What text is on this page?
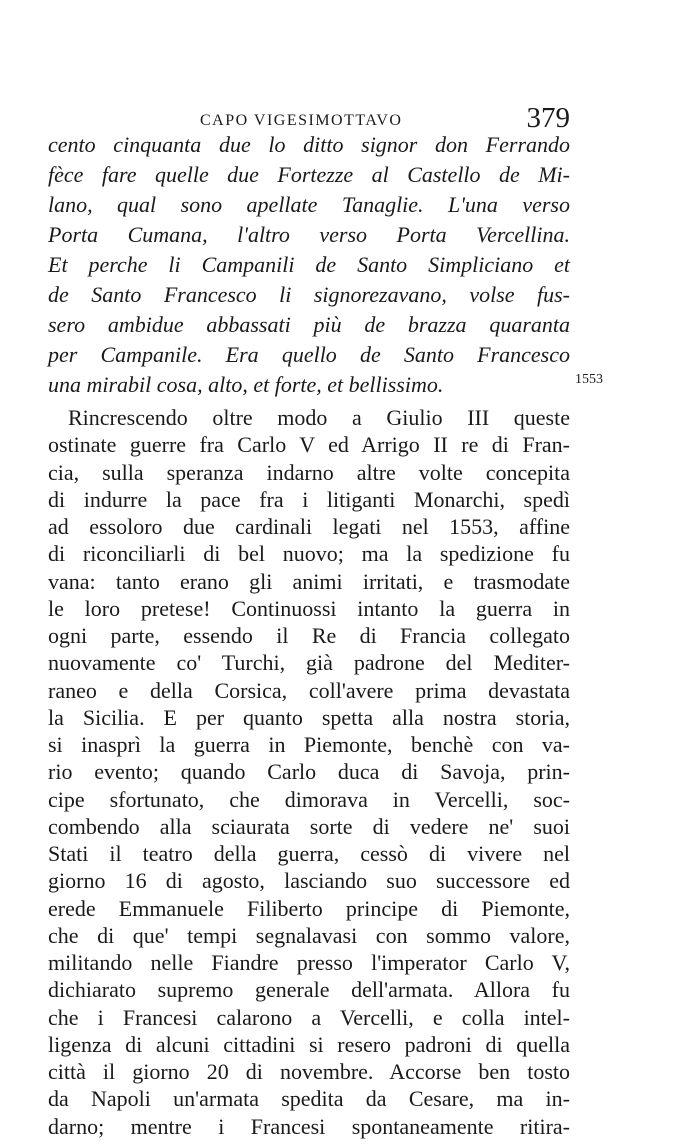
CAPO VIGESIMOTTAVO	379
1553
cento cinquanta due lo ditto signor don Ferrando
fèce fare quelle due Fortezze al Castello de Mi-
lano, qual sono apellate Tanaglie. L'una verso
Porta Cumana, l'altro verso Porta Vercellina.
Et perche li Campanili de Santo Simpliciano et
de Santo Francesco li signorezavano, volse fus-
sero ambidue abbassati più de brazza quaranta
per Campanile. Era quello de Santo Francesco
una mirabil cosa, alto, et forte, et bellissimo.
Rincrescendo oltre modo a Giulio III queste
ostinate guerre fra Carlo V ed Arrigo II re di Fran-
cia, sulla speranza indarno altre volte concepita
di indurre la pace fra i litiganti Monarchi, spedì
ad essoloro due cardinali legati nel 1553, affine
di riconciliarli di bel nuovo; ma la spedizione fu
vana: tanto erano gli animi irritati, e trasmodate
le loro pretese! Continuossi intanto la guerra in
ogni parte, essendo il Re di Francia collegato
nuovamente co' Turchi, già padrone del Mediter-
raneo e della Corsica, coll'avere prima devastata
la Sicilia. E per quanto spetta alla nostra storia,
si inasprì la guerra in Piemonte, benchè con va-
rio evento; quando Carlo duca di Savoja, prin-
cipe sfortunato, che dimorava in Vercelli, soc-
combendo alla sciaurata sorte di vedere ne' suoi
Stati il teatro della guerra, cessò di vivere nel
giorno 16 di agosto, lasciando suo successore ed
erede Emmanuele Filiberto principe di Piemonte,
che di que' tempi segnalavasi con sommo valore,
militando nelle Fiandre presso l'imperator Carlo V,
dichiarato supremo generale dell'armata. Allora fu
che i Francesi calarono a Vercelli, e colla intel-
ligenza di alcuni cittadini si resero padroni di quella
città il giorno 20 di novembre. Accorse ben tosto
da Napoli un'armata spedita da Cesare, ma in-
darno; mentre i Francesi spontaneamente ritira-
